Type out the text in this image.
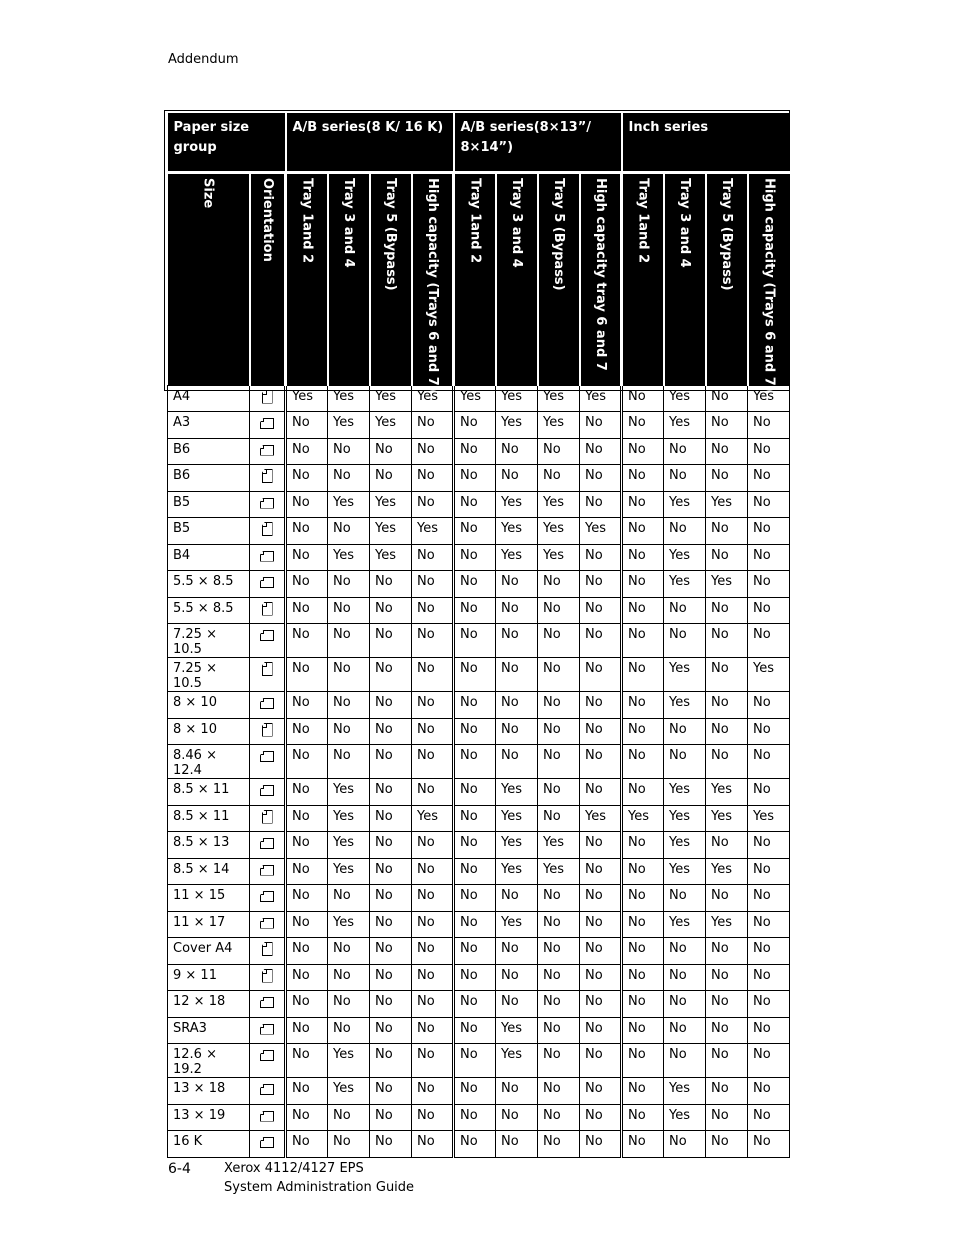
Addendum
Paper size group		A/B series(8 K/ 16 K)				A/B series(8×13”/ 8×14”)				Inch series			

Size	Orientation	Tray 1and 2	Tray 3 and 4	Tray 5 (Bypass)	High capacity (Trays 6 and 7)	Tray 1and 2	Tray 3 and 4	Tray 5 (Bypass)	High capacity tray 6 and 7	Tray 1and 2	Tray 3 and 4	Tray 5 (Bypass)	High capacity (Trays 6 and 7)

A4		Yes	Yes	Yes	Yes	Yes	Yes	Yes	Yes	No	Yes	No	Yes
A3		No	Yes	Yes	No	No	Yes	Yes	No	No	Yes	No	No
B6		No	No	No	No	No	No	No	No	No	No	No	No
B6		No	No	No	No	No	No	No	No	No	No	No	No
B5		No	Yes	Yes	No	No	Yes	Yes	No	No	Yes	Yes	No
B5		No	No	Yes	Yes	No	Yes	Yes	Yes	No	No	No	No
B4		No	Yes	Yes	No	No	Yes	Yes	No	No	Yes	No	No
5.5 × 8.5		No	No	No	No	No	No	No	No	No	Yes	Yes	No
5.5 × 8.5		No	No	No	No	No	No	No	No	No	No	No	No
7.25 × 10.5		No	No	No	No	No	No	No	No	No	No	No	No
7.25 × 10.5		No	No	No	No	No	No	No	No	No	Yes	No	Yes
8 × 10		No	No	No	No	No	No	No	No	No	Yes	No	No
8 × 10		No	No	No	No	No	No	No	No	No	No	No	No
8.46 × 12.4		No	No	No	No	No	No	No	No	No	No	No	No
8.5 × 11		No	Yes	No	No	No	Yes	No	No	No	Yes	Yes	No
8.5 × 11		No	Yes	No	Yes	No	Yes	No	Yes	Yes	Yes	Yes	Yes
8.5 × 13		No	Yes	No	No	No	Yes	Yes	No	No	Yes	No	No
8.5 × 14		No	Yes	No	No	No	Yes	Yes	No	No	Yes	Yes	No
11 × 15		No	No	No	No	No	No	No	No	No	No	No	No
11 × 17		No	Yes	No	No	No	Yes	No	No	No	Yes	Yes	No
Cover A4		No	No	No	No	No	No	No	No	No	No	No	No
9 × 11		No	No	No	No	No	No	No	No	No	No	No	No
12 × 18		No	No	No	No	No	No	No	No	No	No	No	No
SRA3		No	No	No	No	No	Yes	No	No	No	No	No	No
12.6 × 19.2		No	Yes	No	No	No	Yes	No	No	No	No	No	No
13 × 18		No	Yes	No	No	No	No	No	No	No	Yes	No	No
13 × 19		No	No	No	No	No	No	No	No	No	Yes	No	No
16 K		No	No	No	No	No	No	No	No	No	No	No	No
6-4	Xerox 4112/4127 EPS
System Administration Guide
